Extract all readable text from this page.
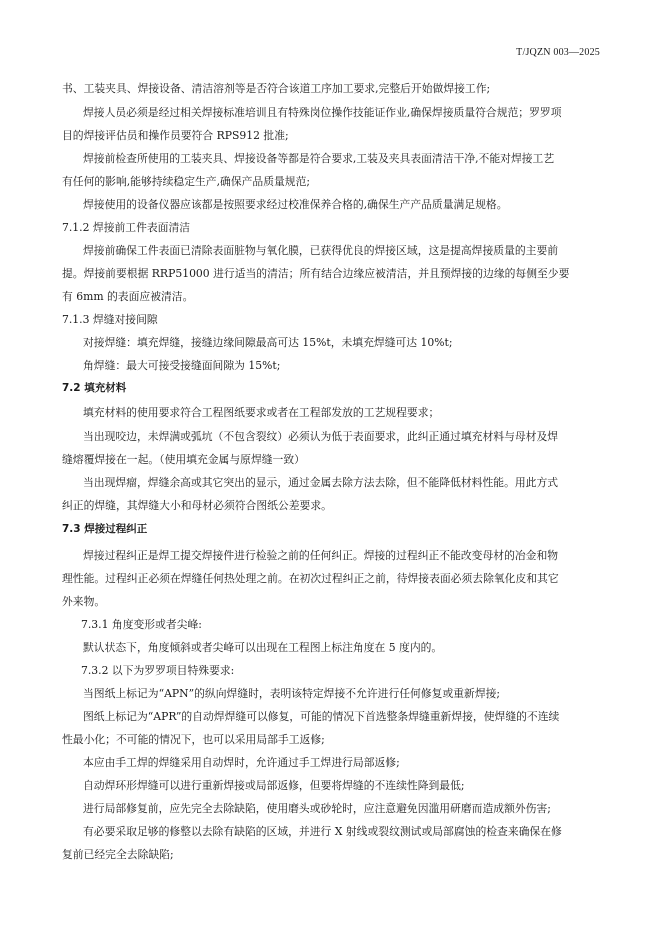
T/JQZN 003—2025

书、工装夹具、焊接设备、清洁溶剂等是否符合该道工序加工要求,完整后开始做焊接工作;

焊接人员必须是经过相关焊接标准培训且有特殊岗位操作技能证作业,确保焊接质量符合规范；罗罗项

目的焊接评估员和操作员要符合 RPS912 批准;

焊接前检查所使用的工装夹具、焊接设备等都是符合要求,工装及夹具表面清洁干净,不能对焊接工艺

有任何的影响,能够持续稳定生产,确保产品质量规范;

焊接使用的设备仪器应该都是按照要求经过校准保养合格的,确保生产产品质量满足规格。

7.1.2 焊接前工件表面清洁

焊接前确保工件表面已清除表面脏物与氧化膜，已获得优良的焊接区域，这是提高焊接质量的主要前

提。焊接前要根据 RRP51000 进行适当的清洁；所有结合边缘应被清洁，并且预焊接的边缘的每侧至少要

有 6mm 的表面应被清洁。

7.1.3 焊缝对接间隙

对接焊缝：填充焊缝，接缝边缘间隙最高可达 15%t，未填充焊缝可达 10%t;

角焊缝：最大可接受接缝面间隙为 15%t;

7.2 填充材料

填充材料的使用要求符合工程图纸要求或者在工程部发放的工艺规程要求；

当出现咬边，未焊满或弧坑（不包含裂纹）必须认为低于表面要求，此纠正通过填充材料与母材及焊

缝熔覆焊接在一起。（使用填充金属与原焊缝一致）

当出现焊瘤，焊缝余高或其它突出的显示，通过金属去除方法去除，但不能降低材料性能。用此方式

纠正的焊缝，其焊缝大小和母材必须符合图纸公差要求。

7.3 焊接过程纠正

焊接过程纠正是焊工提交焊接件进行检验之前的任何纠正。焊接的过程纠正不能改变母材的冶金和物

理性能。过程纠正必须在焊缝任何热处理之前。在初次过程纠正之前，待焊接表面必须去除氧化皮和其它

外来物。

7.3.1 角度变形或者尖峰:

默认状态下，角度倾斜或者尖峰可以出现在工程图上标注角度在 5 度内的。

7.3.2 以下为罗罗项目特殊要求:

当图纸上标记为“APN”的纵向焊缝时，表明该特定焊接不允许进行任何修复或重新焊接;

图纸上标记为“APR”的自动焊焊缝可以修复，可能的情况下首选整条焊缝重新焊接，使焊缝的不连续

性最小化；不可能的情况下，也可以采用局部手工返修;

本应由手工焊的焊缝采用自动焊时，允许通过手工焊进行局部返修;

自动焊环形焊缝可以进行重新焊接或局部返修，但要将焊缝的不连续性降到最低;

进行局部修复前，应先完全去除缺陷，使用磨头或砂轮时，应注意避免因滥用研磨而造成额外伤害;

有必要采取足够的修整以去除有缺陷的区域，并进行 X 射线或裂纹测试或局部腐蚀的检查来确保在修

复前已经完全去除缺陷;
